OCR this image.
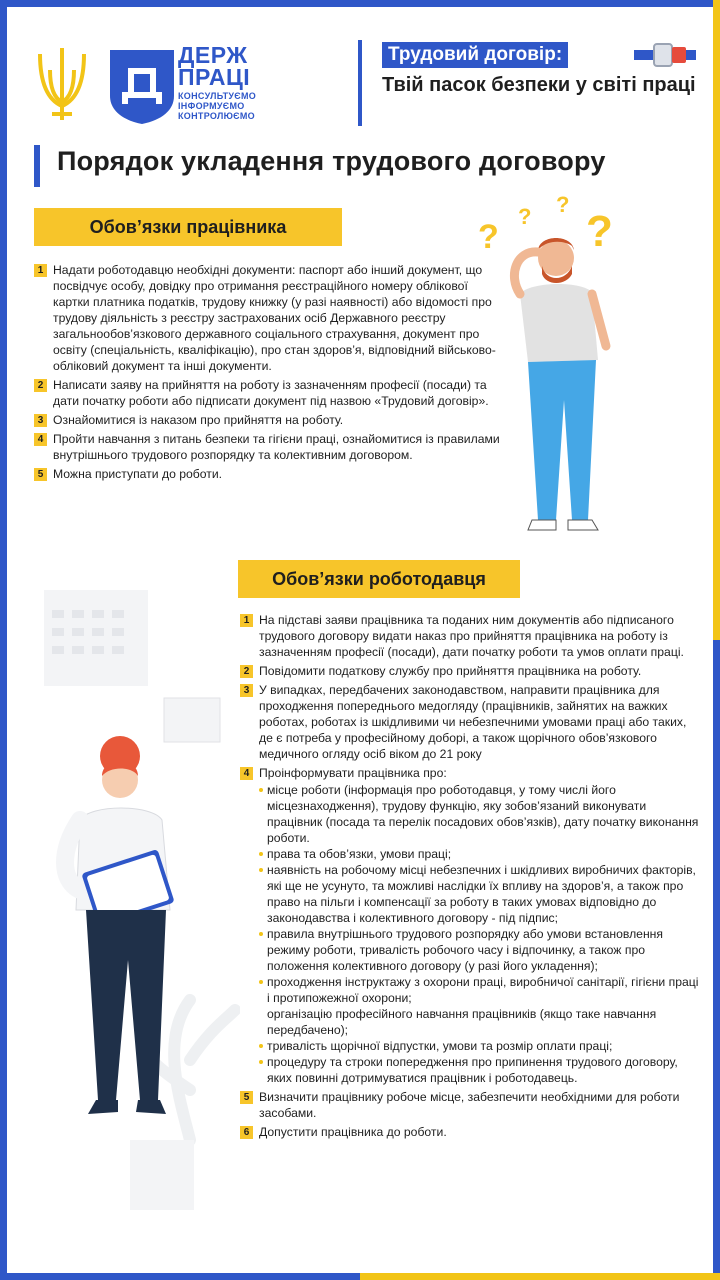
ДЕРЖ
ПРАЦІ
КОНСУЛЬТУЄМО
ІНФОРМУЄМО
КОНТРОЛЮЄМО
Трудовий договір:
Твій пасок безпеки у світі праці
Порядок укладення трудового договору
Обов’язки працівника
1 Надати роботодавцю необхідні документи: паспорт або інший документ, що посвідчує особу, довідку про отримання реєстраційного номеру облікової картки платника податків, трудову книжку (у разі наявності) або відомості про трудову діяльність з реєстру застрахованих осіб Державного реєстру загальнообов’язкового державного соціального страхування, документ про освіту (спеціальність, кваліфікацію), про стан здоров’я, відповідний військово-обліковий документ та інші документи.
2 Написати заяву на прийняття на роботу із зазначенням професії (посади) та дати початку роботи або підписати документ під назвою «Трудовий договір».
3 Ознайомитися із наказом про прийняття на роботу.
4 Пройти навчання з питань безпеки та гігієни праці, ознайомитися із правилами внутрішнього трудового розпорядку та колективним договором.
5 Можна приступати до роботи.
?
? ?
?
Обов’язки роботодавця
1 На підставі заяви працівника та поданих ним документів або підписаного трудового договору видати наказ про прийняття працівника на роботу із зазначенням професії (посади), дати початку роботи та умов оплати праці.
2 Повідомити податкову службу про прийняття працівника на роботу.
3 У випадках, передбачених законодавством, направити працівника для проходження попереднього медогляду (працівників, зайнятих на важких роботах, роботах із шкідливими чи небезпечними умовами праці або таких, де є потреба у професійному доборі, а також щорічного обов’язкового медичного огляду осіб віком до 21 року
4 Проінформувати працівника про:
місце роботи (інформація про роботодавця, у тому числі його місцезнаходження), трудову функцію, яку зобов’язаний виконувати працівник (посада та перелік посадових обов’язків), дату початку виконання роботи.
права та обов’язки, умови праці;
наявність на робочому місці небезпечних і шкідливих виробничих факторів, які ще не усунуто, та можливі наслідки їх впливу на здоров’я, а також про право на пільги і компенсації за роботу в таких умовах відповідно до законодавства і колективного договору - під підпис;
правила внутрішнього трудового розпорядку або умови встановлення режиму роботи, тривалість робочого часу і відпочинку, а також про положення колективного договору (у разі його укладення);
проходження інструктажу з охорони праці, виробничої санітарії, гігієни праці і протипожежної охорони;
організацію професійного навчання працівників (якщо таке навчання передбачено);
тривалість щорічної відпустки, умови та розмір оплати праці;
процедуру та строки попередження про припинення трудового договору, яких повинні дотримуватися працівник і роботодавець.
5 Визначити працівнику робоче місце, забезпечити необхідними для роботи засобами.
6 Допустити працівника до роботи.
